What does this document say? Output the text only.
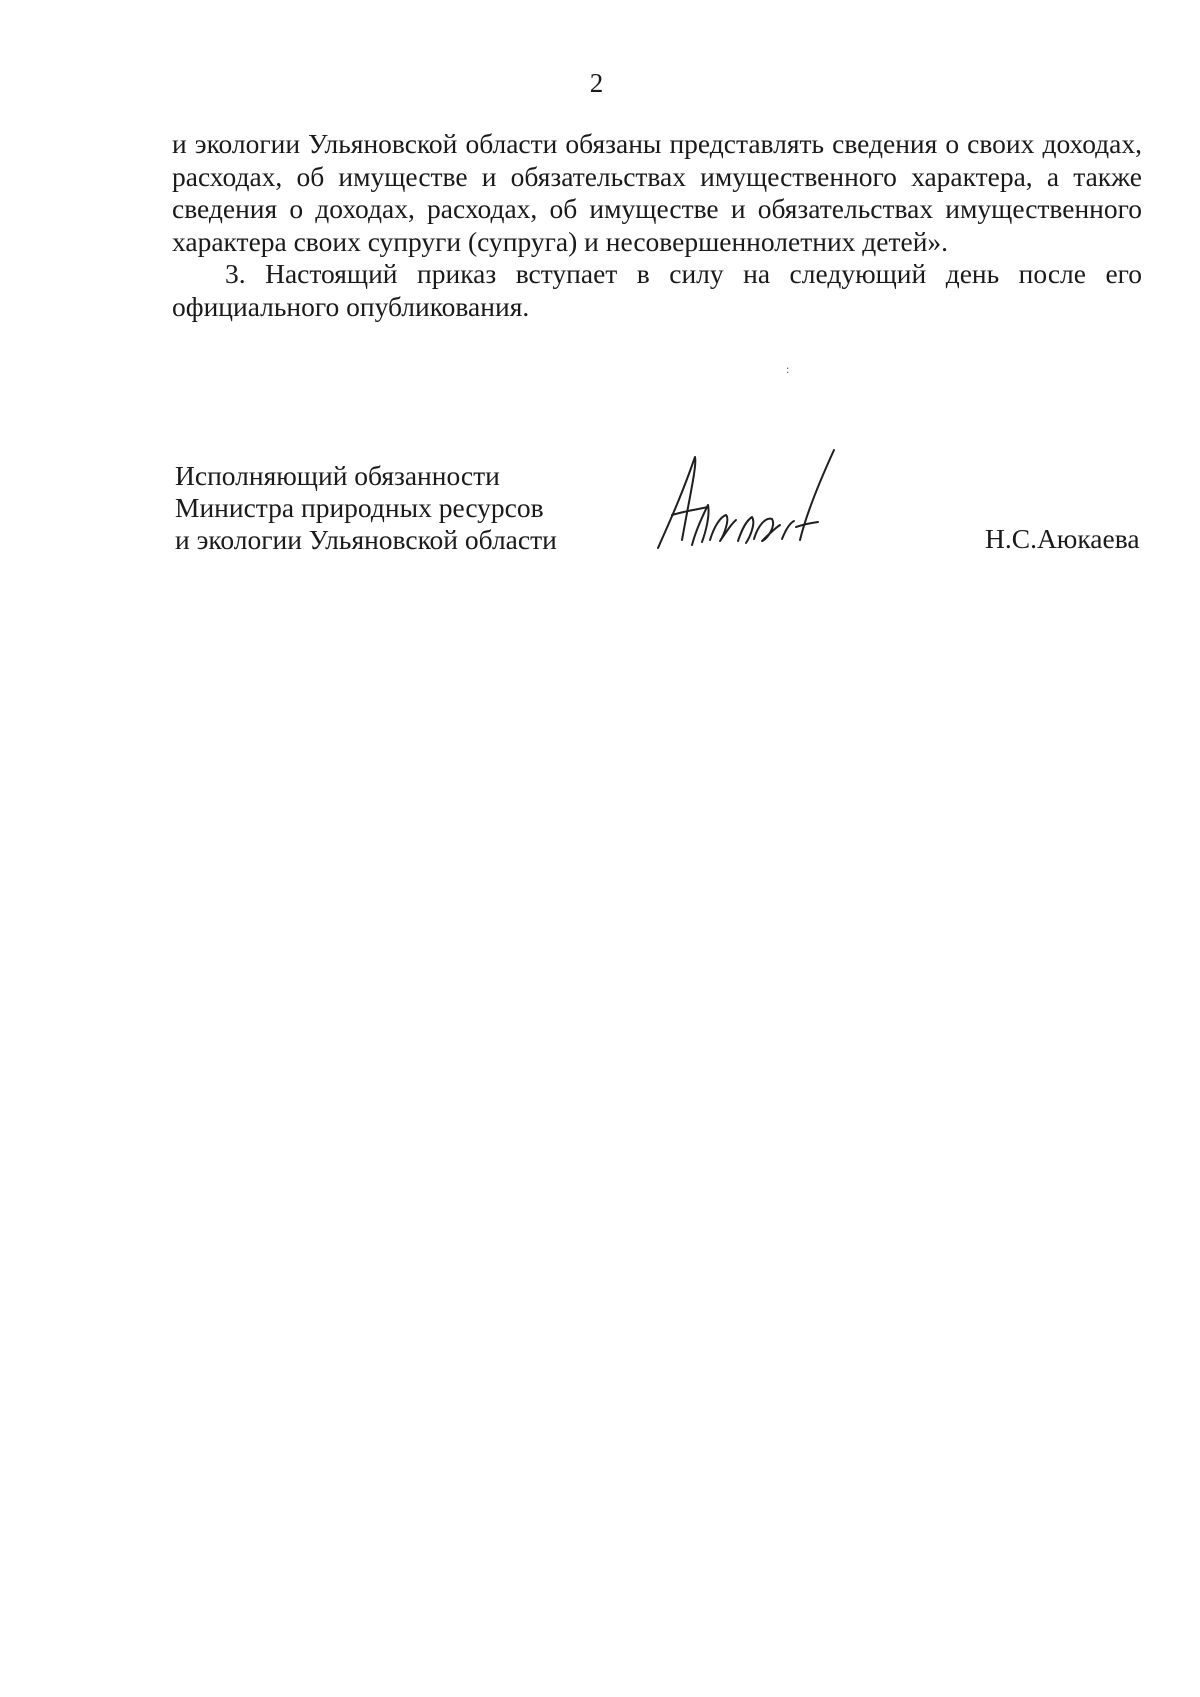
2

и экологии Ульяновской области обязаны представлять сведения о своих доходах, расходах, об имуществе и обязательствах имущественного характера, а также сведения о доходах, расходах, об имуществе и обязательствах имущественного характера своих супруги (супруга) и несовершеннолетних детей».

3. Настоящий приказ вступает в силу на следующий день после его официального опубликования.

:
Исполняющий обязанности
Министра природных ресурсов
и экологии Ульяновской области	Н.С.Аюкаева
